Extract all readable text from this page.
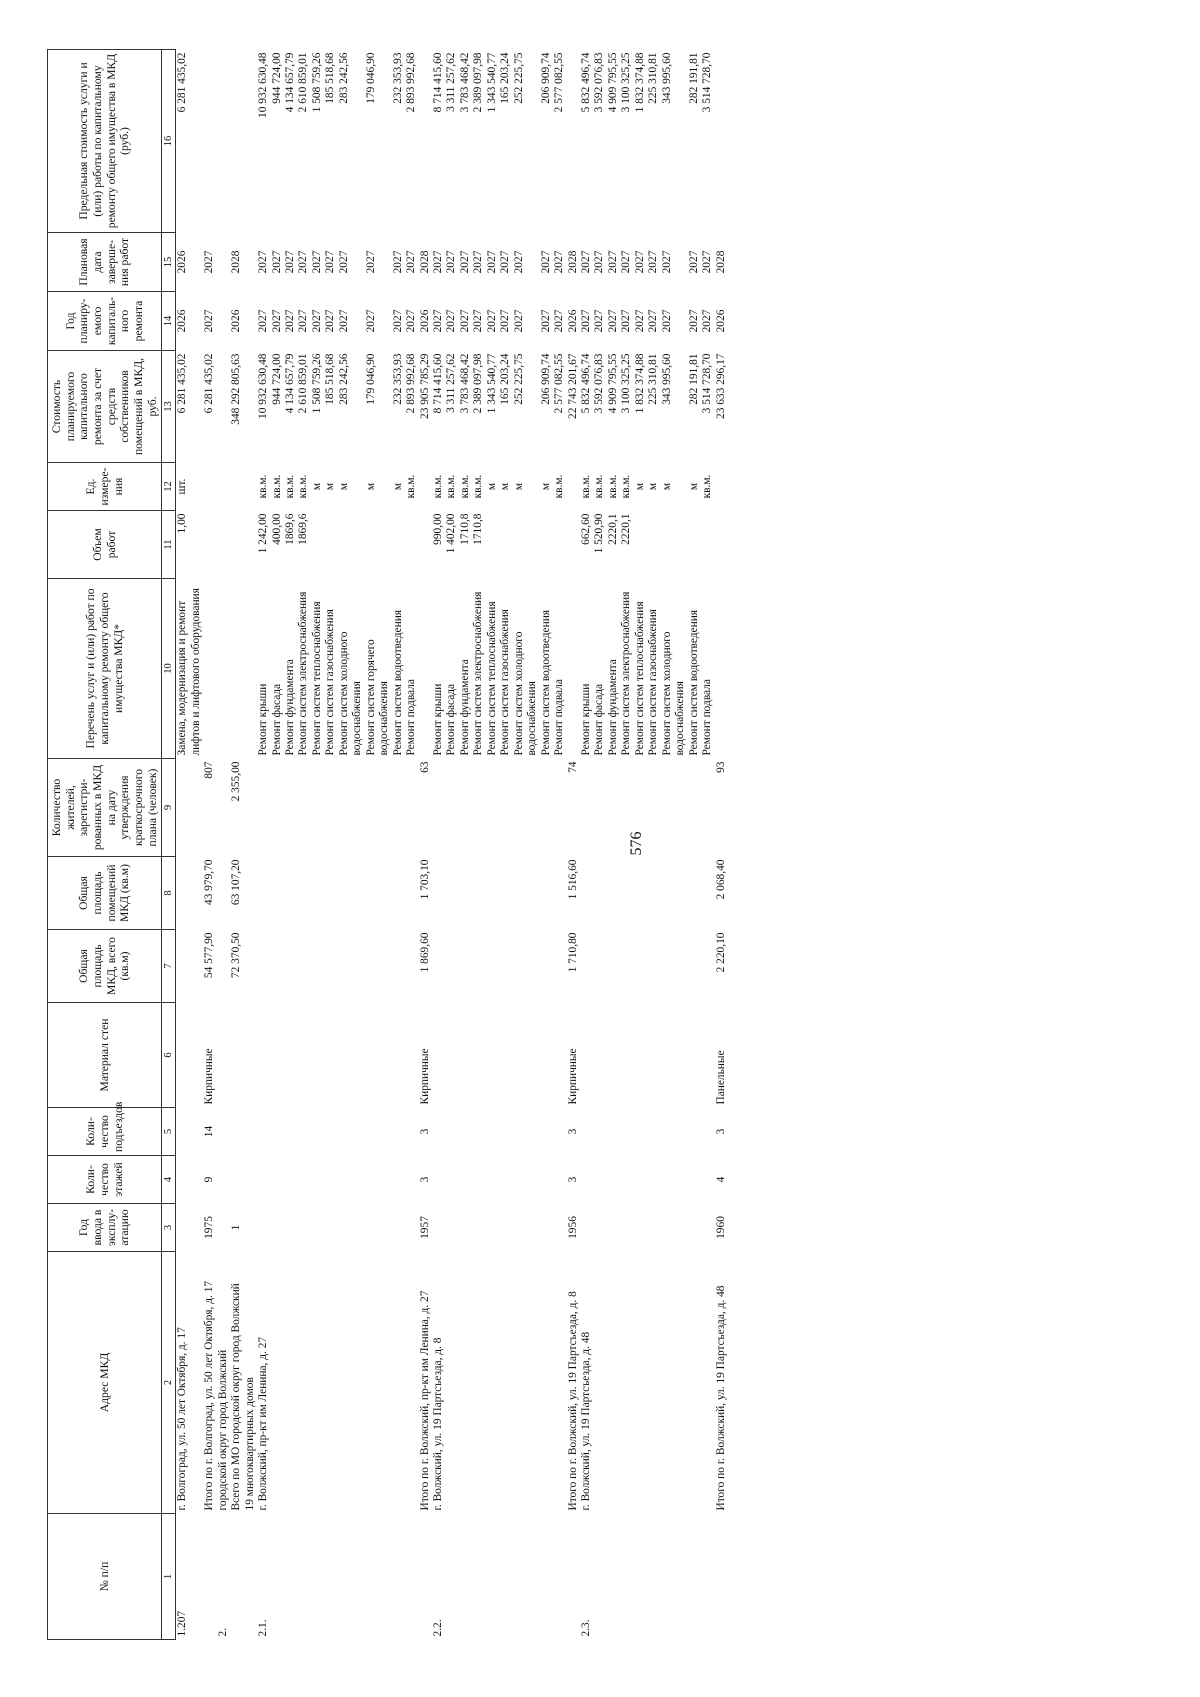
576
№ п/п	Адрес МКД	Год ввода в эксплу-атацию	Коли-чество этажей	Коли-чество подъездов	Материал стен	Общая площадь МКД, всего (кв.м)	Общая площадь помещений МКД (кв.м)	Количество жителей, зарегистри-рованных в МКД на дату утверждения краткосрочного плана (человек)	Перечень услуг и (или) работ по капитальному ремонту общего имущества МКД*	Объем работ	Ед. измере-ния	Стоимость планируемого капитального ремонта за счет средств собственников помещений в МКД, руб.	Год планиру-емого капиталь-ного ремонта	Плановая дата заверше-ния работ	Предельная стоимость услуги и (или) работы по капитальному ремонту общего имущества в МКД (руб.)
1	2	3	4	5	6	7	8	9	10	11	12	13	14	15	16
1.207	г. Волгоград, ул. 50 лет Октября, д. 17								Замена, модернизация и ремонт лифтов и лифтового оборудования	1,00	шт.	6 281 435,02	2026	2026	6 281 435,02
	Итого по г. Волгоград, ул. 50 лет Октября, д. 17	1975	9	14	Кирпичные	54 577,90	43 979,70	807				6 281 435,02	2027	2027	
2.	городской округ город Волжский														
	Всего по МО городской округ город Волжский	1				72 370,50	63 107,20	2 355,00				348 292 805,63	2026	2028	
	19 многоквартирных домов														
2.1.	г. Волжский, пр-кт им Ленина, д. 27								Ремонт крыши	1 242,00	кв.м.	10 932 630,48	2027	2027	10 932 630,48
									Ремонт фасада	400,00	кв.м.	944 724,00	2027	2027	944 724,00
									Ремонт фундамента	1869,6	кв.м.	4 134 657,79	2027	2027	4 134 657,79
									Ремонт систем электроснабжения	1869,6	кв.м.	2 610 859,01	2027	2027	2 610 859,01
									Ремонт систем теплоснабжения		м	1 508 759,26	2027	2027	1 508 759,26
									Ремонт систем газоснабжения		м	185 518,68	2027	2027	185 518,68
									Ремонт систем холодного водоснабжения		м	283 242,56	2027	2027	283 242,56
									Ремонт систем горячего водоснабжения		м	179 046,90	2027	2027	179 046,90
									Ремонт систем водоотведения		м	232 353,93	2027	2027	232 353,93
									Ремонт подвала		кв.м.	2 893 992,68	2027	2027	2 893 992,68
	Итого по г. Волжский, пр-кт им Ленина, д. 27	1957	3	3	Кирпичные	1 869,60	1 703,10	63				23 905 785,29	2026	2028	
2.2.	г. Волжский, ул. 19 Партсъезда, д. 8								Ремонт крыши	990,00	кв.м.	8 714 415,60	2027	2027	8 714 415,60
									Ремонт фасада	1 402,00	кв.м.	3 311 257,62	2027	2027	3 311 257,62
									Ремонт фундамента	1710,8	кв.м.	3 783 468,42	2027	2027	3 783 468,42
									Ремонт систем электроснабжения	1710,8	кв.м.	2 389 097,98	2027	2027	2 389 097,98
									Ремонт систем теплоснабжения		м	1 343 540,77	2027	2027	1 343 540,77
									Ремонт систем газоснабжения		м	165 203,24	2027	2027	165 203,24
									Ремонт систем холодного водоснабжения		м	252 225,75	2027	2027	252 225,75
									Ремонт систем водоотведения		м	206 909,74	2027	2027	206 909,74
									Ремонт подвала		кв.м.	2 577 082,55	2027	2027	2 577 082,55
	Итого по г. Волжский, ул. 19 Партсъезда, д. 8	1956	3	3	Кирпичные	1 710,80	1 516,60	74				22 743 201,67	2026	2028	
2.3.	г. Волжский, ул. 19 Партсъезда, д. 48								Ремонт крыши	662,60	кв.м.	5 832 496,74	2027	2027	5 832 496,74
									Ремонт фасада	1 520,90	кв.м.	3 592 076,83	2027	2027	3 592 076,83
									Ремонт фундамента	2220,1	кв.м.	4 909 795,55	2027	2027	4 909 795,55
									Ремонт систем электроснабжения	2220,1	кв.м.	3 100 325,25	2027	2027	3 100 325,25
									Ремонт систем теплоснабжения		м	1 832 374,88	2027	2027	1 832 374,88
									Ремонт систем газоснабжения		м	225 310,81	2027	2027	225 310,81
									Ремонт систем холодного водоснабжения		м	343 995,60	2027	2027	343 995,60
									Ремонт систем водоотведения		м	282 191,81	2027	2027	282 191,81
									Ремонт подвала		кв.м.	3 514 728,70	2027	2027	3 514 728,70
	Итого по г. Волжский, ул. 19 Партсъезда, д. 48	1960	4	3	Панельные	2 220,10	2 068,40	93				23 633 296,17	2026	2028	
